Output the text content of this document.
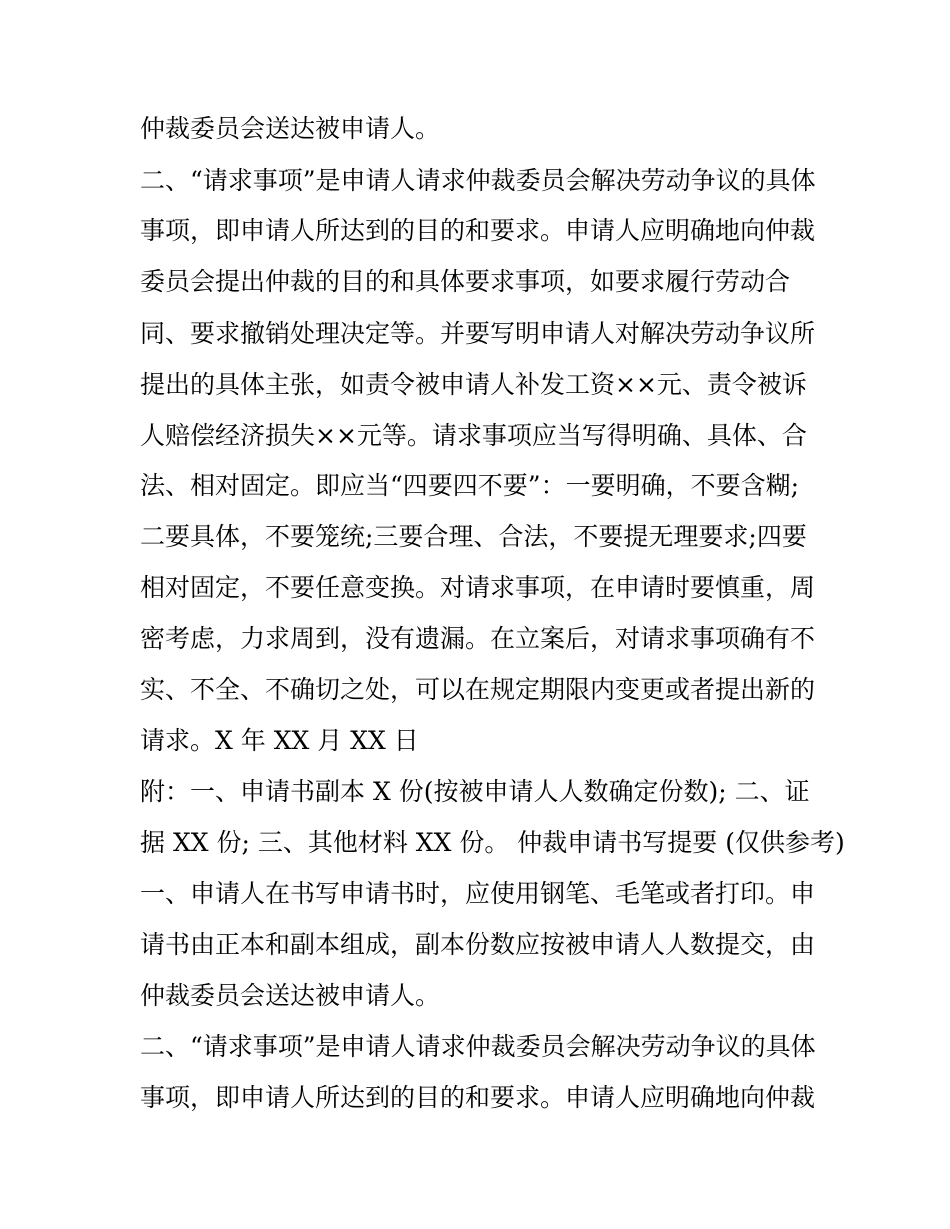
仲裁委员会送达被申请人。

二、“请求事项”是申请人请求仲裁委员会解决劳动争议的具体

事项，即申请人所达到的目的和要求。申请人应明确地向仲裁

委员会提出仲裁的目的和具体要求事项，如要求履行劳动合

同、要求撤销处理决定等。并要写明申请人对解决劳动争议所

提出的具体主张，如责令被申请人补发工资××元、责令被诉

人赔偿经济损失××元等。请求事项应当写得明确、具体、合

法、相对固定。即应当“四要四不要”：一要明确，不要含糊;

二要具体，不要笼统;三要合理、合法，不要提无理要求;四要

相对固定，不要任意变换。对请求事项，在申请时要慎重，周

密考虑，力求周到，没有遗漏。在立案后，对请求事项确有不

实、不全、不确切之处，可以在规定期限内变更或者提出新的

请求。X 年 XX 月 XX 日

附：一、申请书副本 X 份(按被申请人人数确定份数); 二、证

据 XX 份; 三、其他材料 XX 份。 仲裁申请书写提要 (仅供参考)

一、申请人在书写申请书时，应使用钢笔、毛笔或者打印。申

请书由正本和副本组成，副本份数应按被申请人人数提交，由

仲裁委员会送达被申请人。

二、“请求事项”是申请人请求仲裁委员会解决劳动争议的具体

事项，即申请人所达到的目的和要求。申请人应明确地向仲裁
